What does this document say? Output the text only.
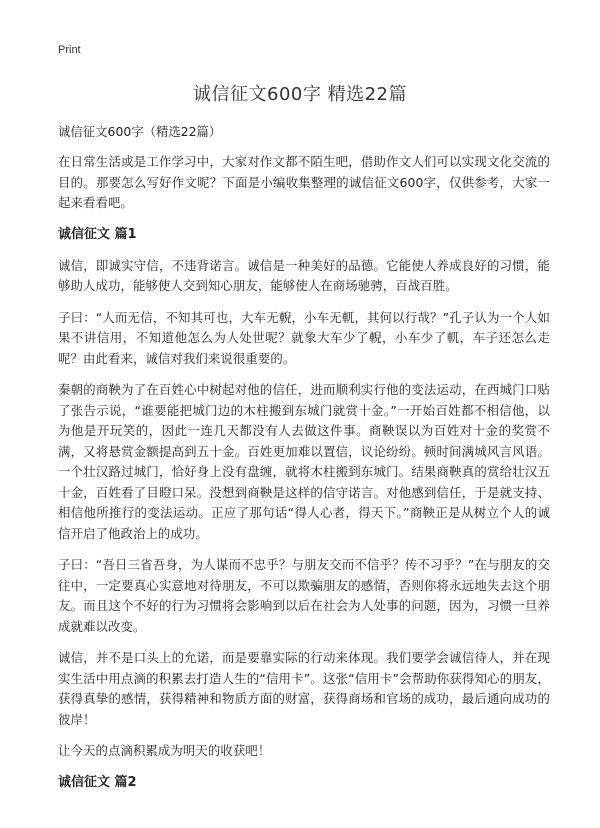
Print
诚信征文600字 精选22篇
诚信征文600字（精选22篇）
在日常生活或是工作学习中，大家对作文都不陌生吧，借助作文人们可以实现文化交流的目的。那要怎么写好作文呢？下面是小编收集整理的诚信征文600字，仅供参考，大家一起来看看吧。
诚信征文 篇1
诚信，即诚实守信，不违背诺言。诚信是一种美好的品德。它能使人养成良好的习惯，能够助人成功，能够使人交到知心朋友，能够使人在商场驰骋，百战百胜。
子曰：“人而无信，不知其可也，大车无輗，小车无軏，其何以行哉？”孔子认为一个人如果不讲信用，不知道他怎么为人处世呢？就象大车少了輗，小车少了軏，车子还怎么走呢？由此看来，诚信对我们来说很重要的。
秦朝的商鞅为了在百姓心中树起对他的信任，进而顺利实行他的变法运动，在西城门口贴了张告示说，“谁要能把城门边的木柱搬到东城门就赏十金。”一开始百姓都不相信他，以为他是开玩笑的，因此一连几天都没有人去做这件事。商鞅误以为百姓对十金的奖赏不满，又将悬赏金额提高到五十金。百姓更加难以置信，议论纷纷。顿时间满城风言风语。一个壮汉路过城门，恰好身上没有盘缠，就将木柱搬到东城门。结果商鞅真的赏给壮汉五十金，百姓看了目瞪口呆。没想到商鞅是这样的信守诺言。对他感到信任，于是就支持、相信他所推行的变法运动。正应了那句话“得人心者，得天下。”商鞅正是从树立个人的诚信开启了他政治上的成功。
子曰：“吾日三省吾身，为人谋而不忠乎？与朋友交而不信乎？传不习乎？”在与朋友的交往中，一定要真心实意地对待朋友，不可以欺骗朋友的感情，否则你将永远地失去这个朋友。而且这个不好的行为习惯将会影响到以后在社会为人处事的问题，因为，习惯一旦养成就难以改变。
诚信，并不是口头上的允诺，而是要靠实际的行动来体现。我们要学会诚信待人，并在现实生活中用点滴的积累去打造人生的“信用卡”。这张“信用卡”会帮助你获得知心的朋友，获得真挚的感情，获得精神和物质方面的财富，获得商场和官场的成功，最后通向成功的彼岸！
让今天的点滴积累成为明天的收获吧！
诚信征文 篇2
